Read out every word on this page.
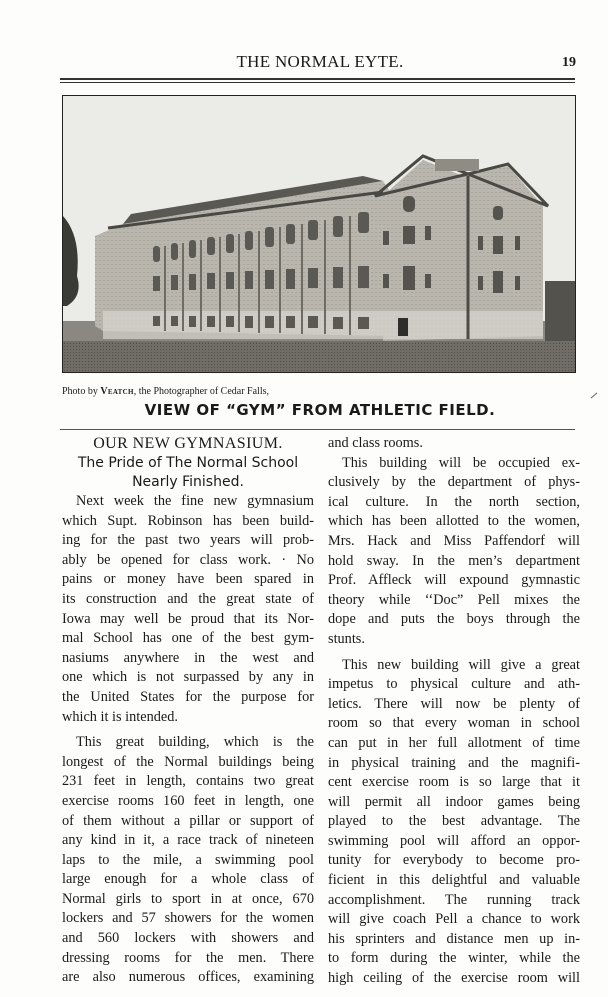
THE NORMAL EYTE.	19
Photo by Veatch, the Photographer of Cedar Falls,
VIEW OF “GYM” FROM ATHLETIC FIELD.
OUR NEW GYMNASIUM.
The Pride of The Normal School
Nearly Finished.

Next week the fine new gymnasium

which Supt. Robinson has been build-

ing for the past two years will prob-

ably be opened for class work. · No

pains or money have been spared in

its construction and the great state of

Iowa may well be proud that its Nor-

mal School has one of the best gym-

nasiums anywhere in the west and

one which is not surpassed by any in

the United States for the purpose for

which it is intended.

This great building, which is the

longest of the Normal buildings being

231 feet in length, contains two great

exercise rooms 160 feet in length, one

of them without a pillar or support of

any kind in it, a race track of nineteen

laps to the mile, a swimming pool

large enough for a whole class of

Normal girls to sport in at once, 670

lockers and 57 showers for the women

and 560 lockers with showers and

dressing rooms for the men. There

are also numerous offices, examining

and class rooms.

This building will be occupied ex-

clusively by the department of phys-

ical culture. In the north section,

which has been allotted to the women,

Mrs. Hack and Miss Paffendorf will

hold sway. In the men’s department

Prof. Affleck will expound gymnastic

theory while ‘‘Doc” Pell mixes the

dope and puts the boys through the

stunts.

This new building will give a great

impetus to physical culture and ath-

letics. There will now be plenty of

room so that every woman in school

can put in her full allotment of time

in physical training and the magnifi-

cent exercise room is so large that it

will permit all indoor games being

played to the best advantage. The

swimming pool will afford an oppor-

tunity for everybody to become pro-

ficient in this delightful and valuable

accomplishment. The running track

will give coach Pell a chance to work

his sprinters and distance men up in-

to form during the winter, while the

high ceiling of the exercise room will
